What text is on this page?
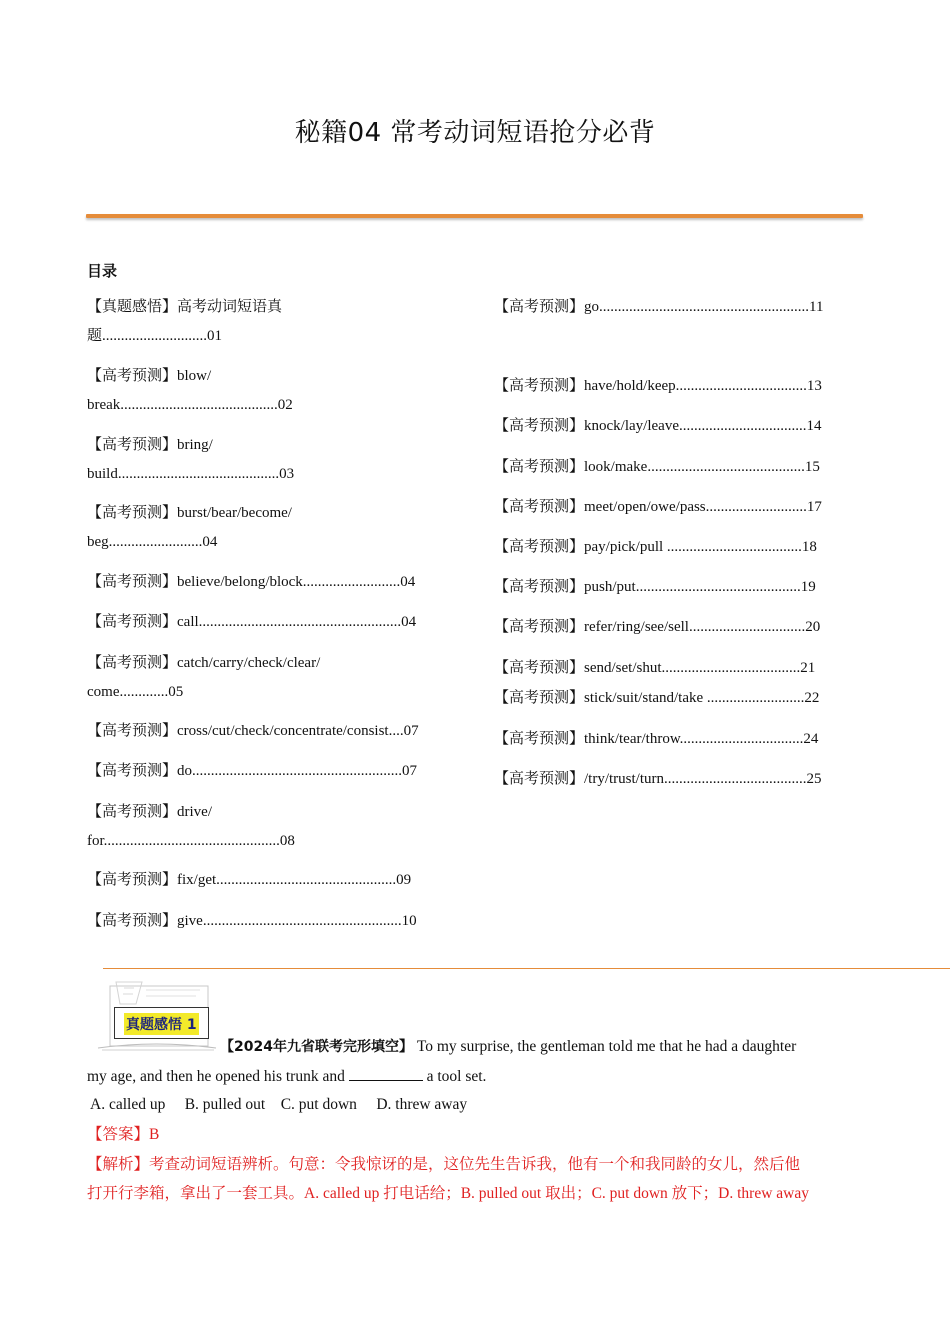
秘籍04 常考动词短语抢分必背
目录
【真题感悟】高考动词短语真
题............................01
【高考预测】blow/
break..........................................02
【高考预测】bring/
build...........................................03
【高考预测】burst/bear/become/
beg.........................04
【高考预测】believe/belong/block..........................04
【高考预测】call......................................................04
【高考预测】catch/carry/check/clear/
come.............05
【高考预测】cross/cut/check/concentrate/consist....07
【高考预测】do........................................................07
【高考预测】drive/
for...............................................08
【高考预测】fix/get................................................09
【高考预测】give.....................................................10
【高考预测】go........................................................11
【高考预测】have/hold/keep...................................13
【高考预测】knock/lay/leave..................................14
【高考预测】look/make..........................................15
【高考预测】meet/open/owe/pass...........................17
【高考预测】pay/pick/pull ....................................18
【高考预测】push/put............................................19
【高考预测】refer/ring/see/sell...............................20
【高考预测】send/set/shut.....................................21
【高考预测】stick/suit/stand/take ..........................22
【高考预测】think/tear/throw.................................24
【高考预测】/try/trust/turn......................................25
真题感悟 1
【2024年九省联考完形填空】 To my surprise, the gentleman told me that he had a daughter
my age, and then he opened his trunk and	a tool set.
A. called up B. pulled out C. put down D. threw away
【答案】B
【解析】考查动词短语辨析。句意：令我惊讶的是，这位先生告诉我，他有一个和我同龄的女儿，然后他
打开行李箱，拿出了一套工具。A. called up 打电话给；B. pulled out 取出；C. put down 放下；D. threw away
